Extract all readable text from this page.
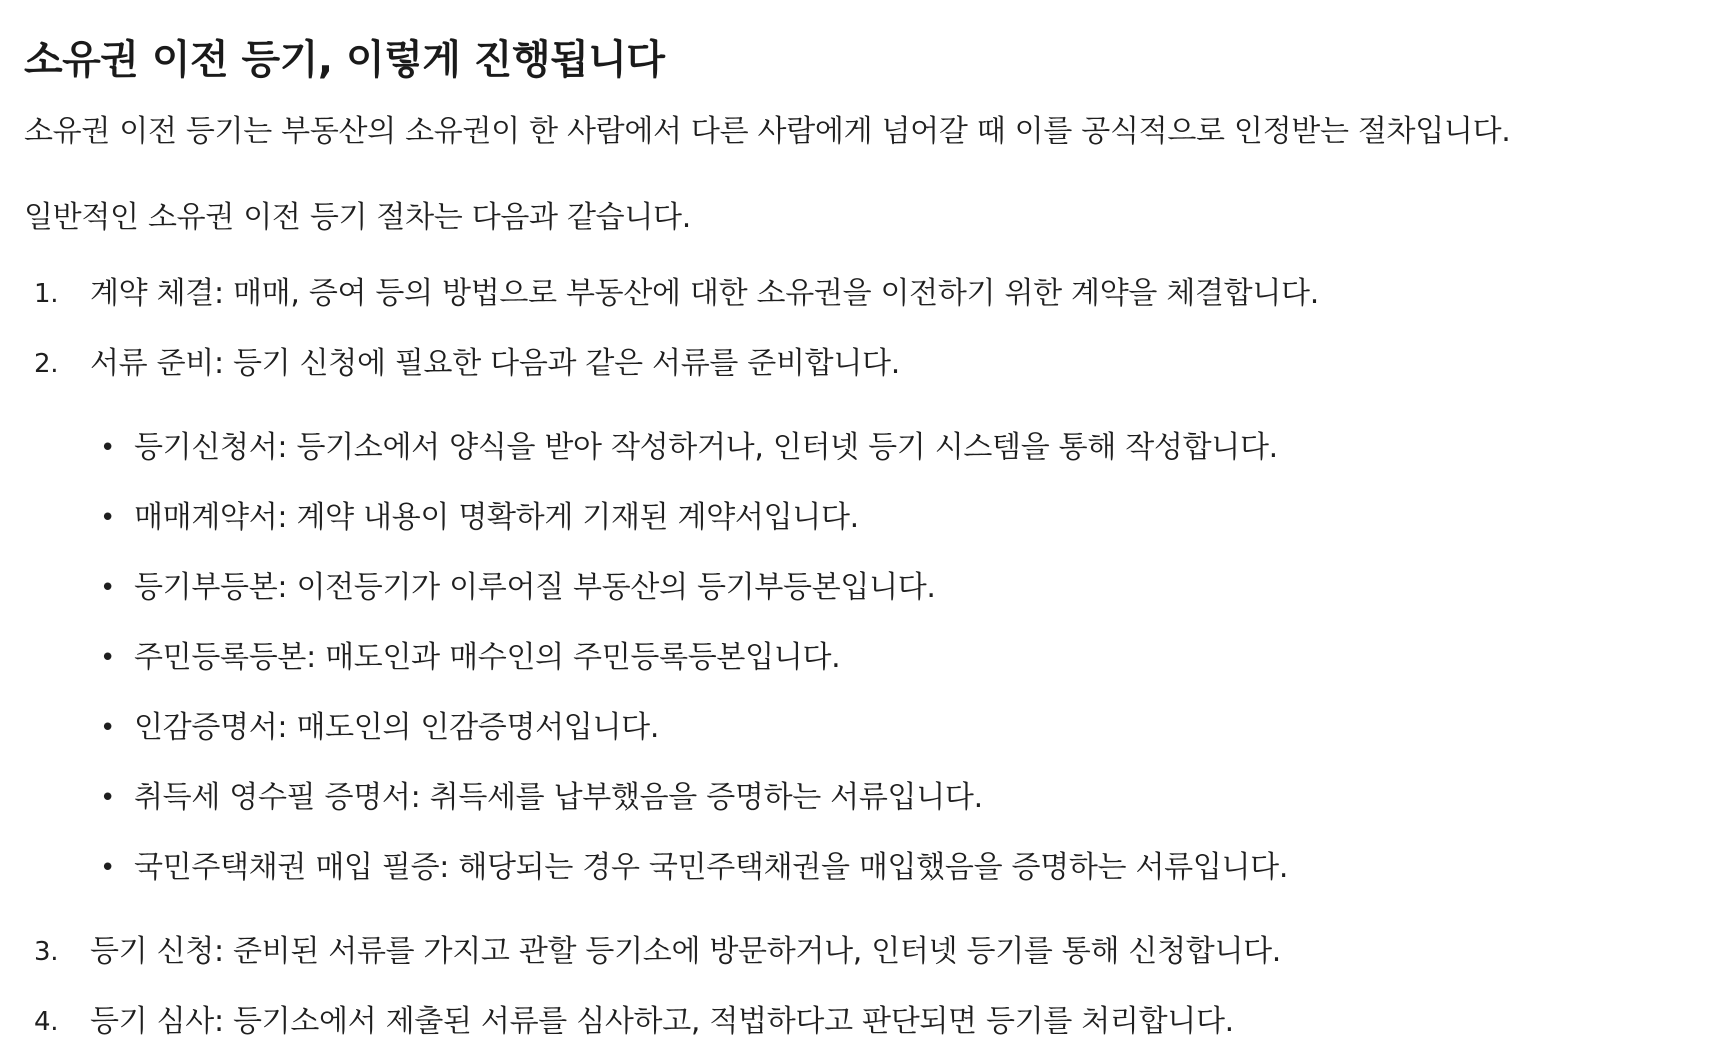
소유권 이전 등기, 이렇게 진행됩니다

소유권 이전 등기는 부동산의 소유권이 한 사람에서 다른 사람에게 넘어갈 때 이를 공식적으로 인정받는 절차입니다.

일반적인 소유권 이전 등기 절차는 다음과 같습니다.

1. 계약 체결: 매매, 증여 등의 방법으로 부동산에 대한 소유권을 이전하기 위한 계약을 체결합니다.
2. 서류 준비: 등기 신청에 필요한 다음과 같은 서류를 준비합니다.
• 등기신청서: 등기소에서 양식을 받아 작성하거나, 인터넷 등기 시스템을 통해 작성합니다.
• 매매계약서: 계약 내용이 명확하게 기재된 계약서입니다.
• 등기부등본: 이전등기가 이루어질 부동산의 등기부등본입니다.
• 주민등록등본: 매도인과 매수인의 주민등록등본입니다.
• 인감증명서: 매도인의 인감증명서입니다.
• 취득세 영수필 증명서: 취득세를 납부했음을 증명하는 서류입니다.
• 국민주택채권 매입 필증: 해당되는 경우 국민주택채권을 매입했음을 증명하는 서류입니다.
3. 등기 신청: 준비된 서류를 가지고 관할 등기소에 방문하거나, 인터넷 등기를 통해 신청합니다.
4. 등기 심사: 등기소에서 제출된 서류를 심사하고, 적법하다고 판단되면 등기를 처리합니다.
